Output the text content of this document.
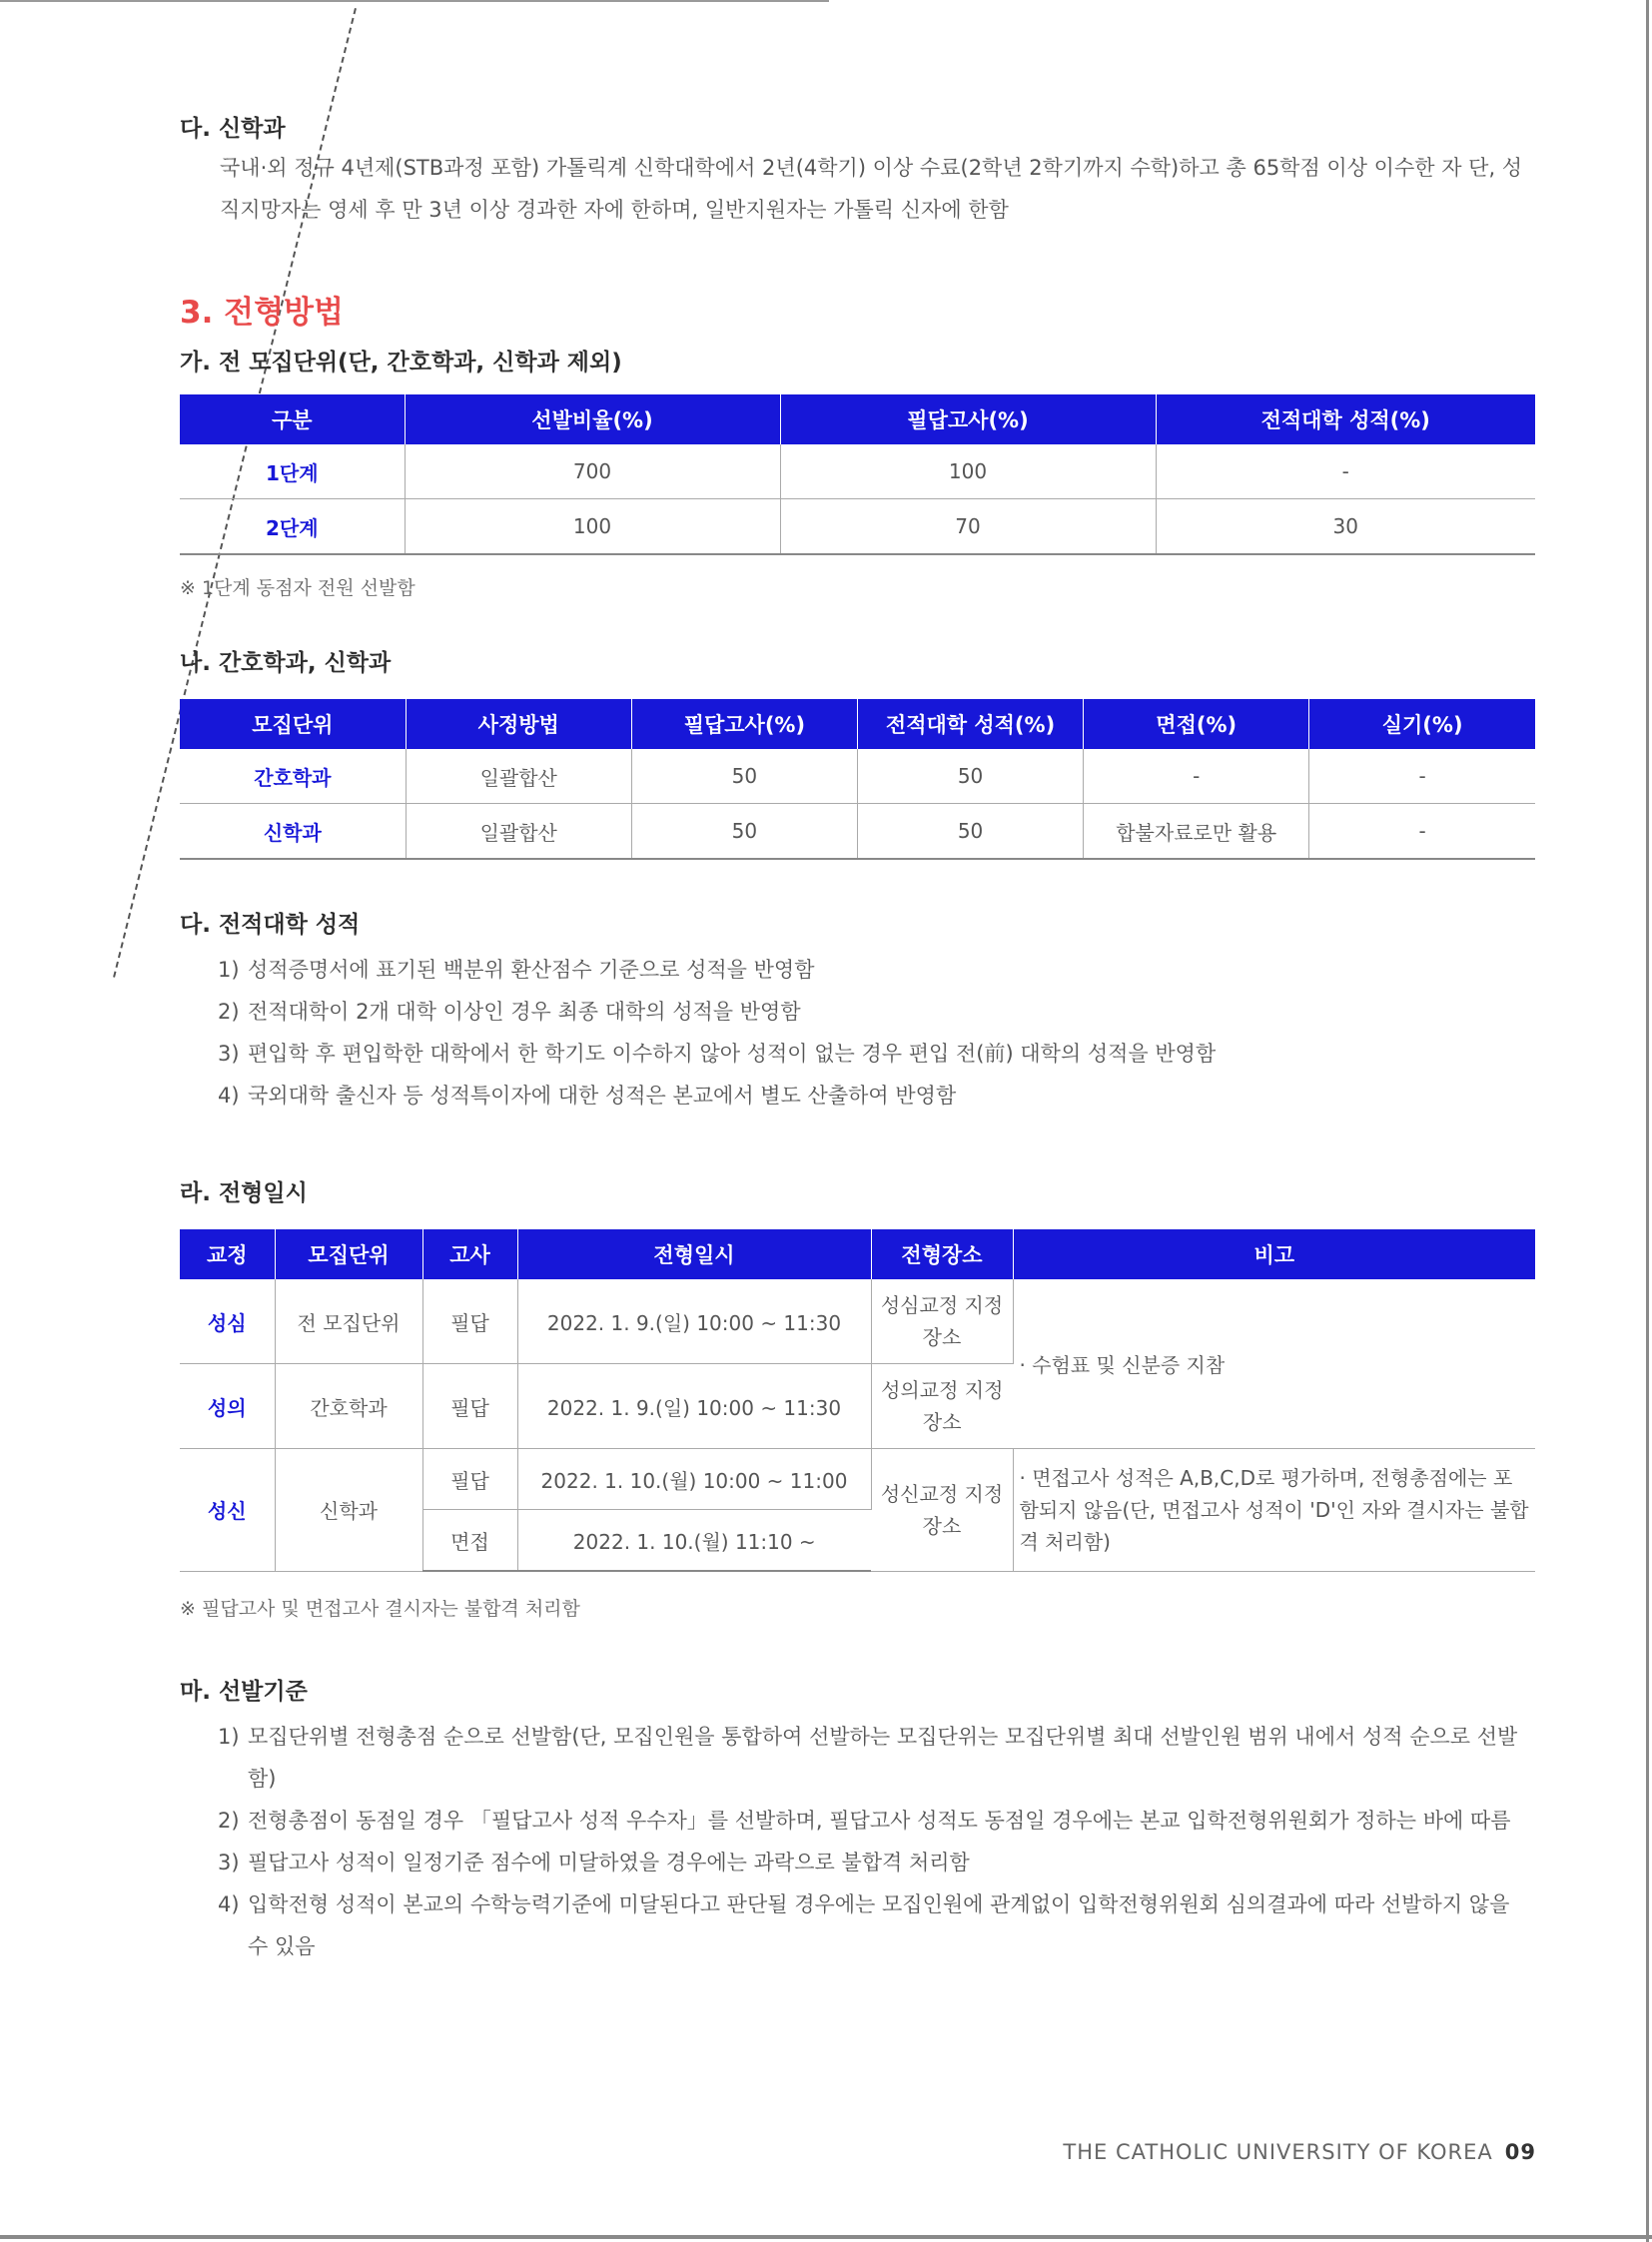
다. 신학과

국내·외 정규 4년제(STB과정 포함) 가톨릭계 신학대학에서 2년(4학기) 이상 수료(2학년 2학기까지 수학)하고 총 65학점 이상 이수한 자 단, 성직지망자는 영세 후 만 3년 이상 경과한 자에 한하며, 일반지원자는 가톨릭 신자에 한함

3. 전형방법

가. 전 모집단위(단, 간호학과, 신학과 제외)

구분	선발비율(%)	필답고사(%)	전적대학 성적(%)
1단계	700	100	-
2단계	100	70	30

※ 1단계 동점자 전원 선발함

나. 간호학과, 신학과

모집단위	사정방법	필답고사(%)	전적대학 성적(%)	면접(%)	실기(%)
간호학과	일괄합산	50	50	-	-
신학과	일괄합산	50	50	합불자료로만 활용	-

다. 전적대학 성적

1) 성적증명서에 표기된 백분위 환산점수 기준으로 성적을 반영함
2) 전적대학이 2개 대학 이상인 경우 최종 대학의 성적을 반영함
3) 편입학 후 편입학한 대학에서 한 학기도 이수하지 않아 성적이 없는 경우 편입 전(前) 대학의 성적을 반영함
4) 국외대학 출신자 등 성적특이자에 대한 성적은 본교에서 별도 산출하여 반영함

라. 전형일시

교정	모집단위	고사	전형일시	전형장소	비고
성심	전 모집단위	필답	2022. 1. 9.(일) 10:00 ~ 11:30	성심교정 지정장소	· 수험표 및 신분증 지참
성의	간호학과	필답	2022. 1. 9.(일) 10:00 ~ 11:30	성의교정 지정장소	
성신	신학과	필답	2022. 1. 10.(월) 10:00 ~ 11:00	성신교정 지정장소	· 면접고사 성적은 A,B,C,D로 평가하며, 전형총점에는 포함되지 않음(단, 면접고사 성적이 'D'인 자와 결시자는 불합격 처리함)
		면접	2022. 1. 10.(월) 11:10 ~		

※ 필답고사 및 면접고사 결시자는 불합격 처리함

마. 선발기준

1) 모집단위별 전형총점 순으로 선발함(단, 모집인원을 통합하여 선발하는 모집단위는 모집단위별 최대 선발인원 범위 내에서 성적 순으로 선발함)
2) 전형총점이 동점일 경우 「필답고사 성적 우수자」를 선발하며, 필답고사 성적도 동점일 경우에는 본교 입학전형위원회가 정하는 바에 따름
3) 필답고사 성적이 일정기준 점수에 미달하였을 경우에는 과락으로 불합격 처리함
4) 입학전형 성적이 본교의 수학능력기준에 미달된다고 판단될 경우에는 모집인원에 관계없이 입학전형위원회 심의결과에 따라 선발하지 않을 수 있음
THE CATHOLIC UNIVERSITY OF KOREA 09
